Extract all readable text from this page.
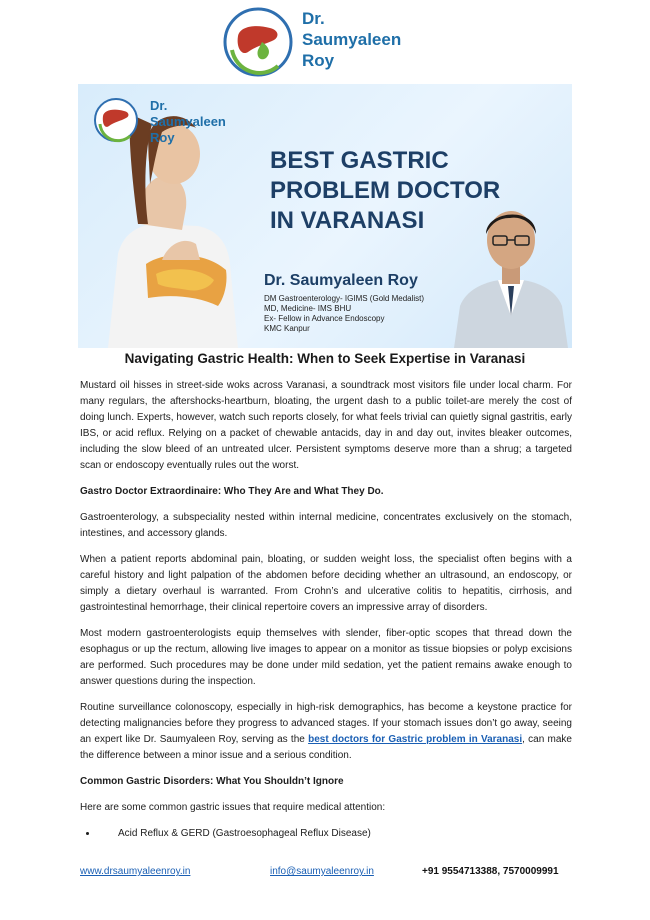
Dr.
Saumyaleen
Roy
Dr.
Saumyaleen
Roy
BEST GASTRIC
PROBLEM DOCTOR
IN VARANASI
Dr. Saumyaleen Roy
DM Gastroenterology- IGIMS (Gold Medalist)
MD, Medicine- IMS BHU
Ex- Fellow in Advance Endoscopy
KMC Kanpur
Navigating Gastric Health: When to Seek Expertise in Varanasi

Mustard oil hisses in street-side woks across Varanasi, a soundtrack most visitors file under local charm. For many regulars, the aftershocks-heartburn, bloating, the urgent dash to a public toilet-are merely the cost of doing lunch. Experts, however, watch such reports closely, for what feels trivial can quietly signal gastritis, early IBS, or acid reflux. Relying on a packet of chewable antacids, day in and day out, invites bleaker outcomes, including the slow bleed of an untreated ulcer. Persistent symptoms deserve more than a shrug; a targeted scan or endoscopy eventually rules out the worst.

Gastro Doctor Extraordinaire: Who They Are and What They Do.

Gastroenterology, a subspeciality nested within internal medicine, concentrates exclusively on the stomach, intestines, and accessory glands.

When a patient reports abdominal pain, bloating, or sudden weight loss, the specialist often begins with a careful history and light palpation of the abdomen before deciding whether an ultrasound, an endoscopy, or simply a dietary overhaul is warranted. From Crohn’s and ulcerative colitis to hepatitis, cirrhosis, and gastrointestinal hemorrhage, their clinical repertoire covers an impressive array of disorders.

Most modern gastroenterologists equip themselves with slender, fiber-optic scopes that thread down the esophagus or up the rectum, allowing live images to appear on a monitor as tissue biopsies or polyp excisions are performed. Such procedures may be done under mild sedation, yet the patient remains awake enough to answer questions during the inspection.

Routine surveillance colonoscopy, especially in high-risk demographics, has become a keystone practice for detecting malignancies before they progress to advanced stages. If your stomach issues don’t go away, seeing an expert like Dr. Saumyaleen Roy, serving as the best doctors for Gastric problem in Varanasi, can make the difference between a minor issue and a serious condition.

Common Gastric Disorders: What You Shouldn’t Ignore

Here are some common gastric issues that require medical attention:

• Acid Reflux & GERD (Gastroesophageal Reflux Disease)
www.drsaumyaleenroy.in	info@saumyaleenroy.in	+91 9554713388, 7570009991
